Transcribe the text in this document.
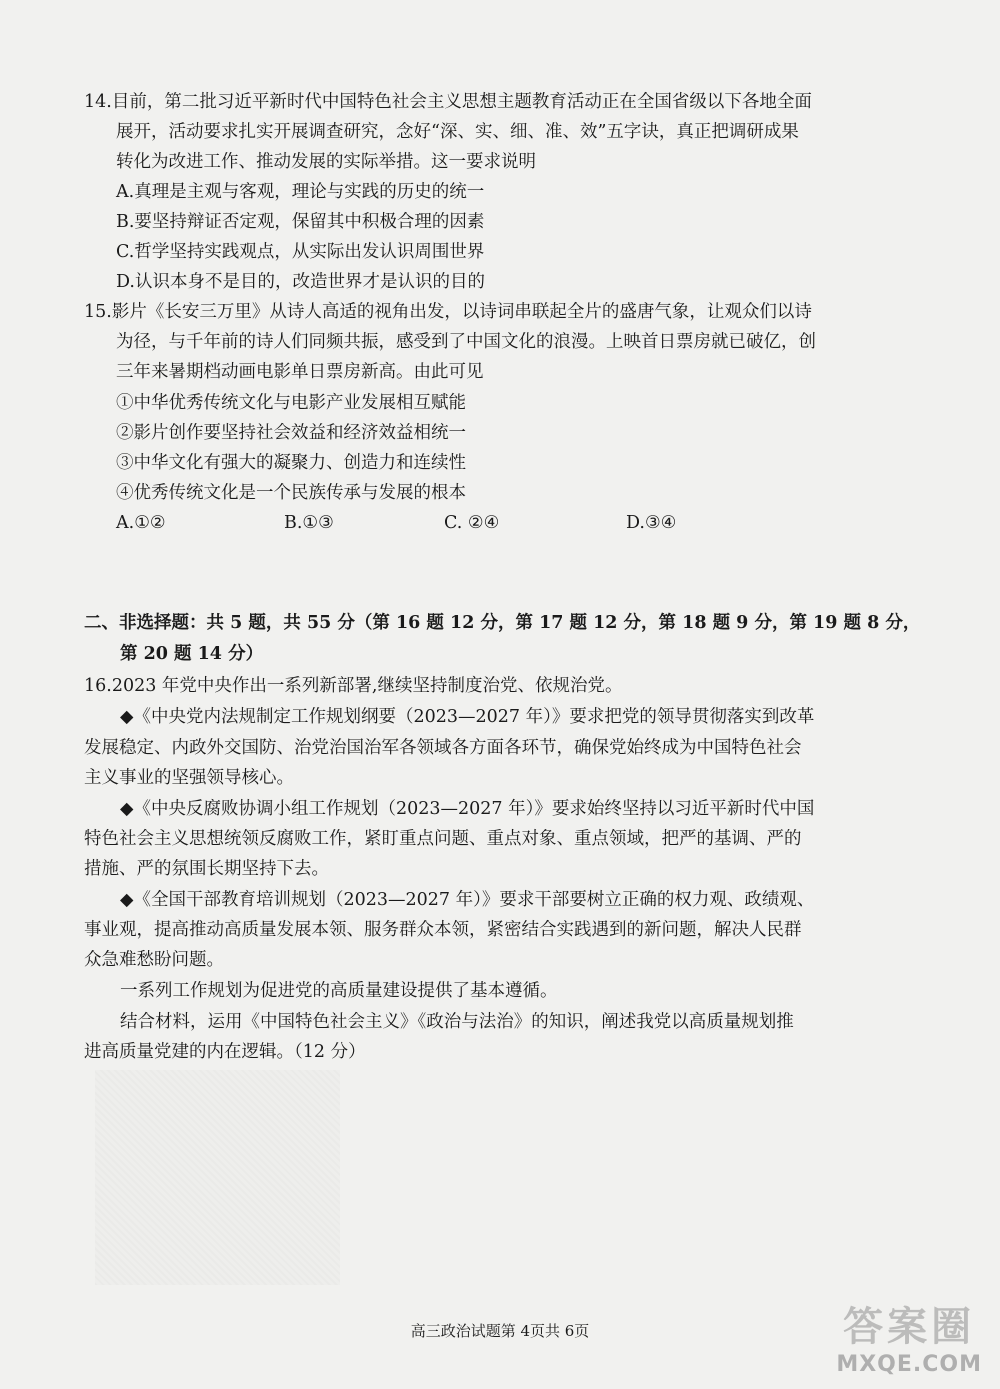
14.目前，第二批习近平新时代中国特色社会主义思想主题教育活动正在全国省级以下各地全面
展开，活动要求扎实开展调查研究，念好“深、实、细、准、效”五字诀，真正把调研成果
转化为改进工作、推动发展的实际举措。这一要求说明
A.真理是主观与客观，理论与实践的历史的统一
B.要坚持辩证否定观，保留其中积极合理的因素
C.哲学坚持实践观点，从实际出发认识周围世界
D.认识本身不是目的，改造世界才是认识的目的
15.影片《长安三万里》从诗人高适的视角出发，以诗词串联起全片的盛唐气象，让观众们以诗
为径，与千年前的诗人们同频共振，感受到了中国文化的浪漫。上映首日票房就已破亿，创
三年来暑期档动画电影单日票房新高。由此可见
①中华优秀传统文化与电影产业发展相互赋能
②影片创作要坚持社会效益和经济效益相统一
③中华文化有强大的凝聚力、创造力和连续性
④优秀传统文化是一个民族传承与发展的根本
A.①②	B.①③	C. ②④	D.③④
二、非选择题：共 5 题，共 55 分（第 16 题 12 分，第 17 题 12 分，第 18 题 9 分，第 19 题 8 分，
第 20 题 14 分）
16.2023 年党中央作出一系列新部署,继续坚持制度治党、依规治党。
◆《中央党内法规制定工作规划纲要（2023—2027 年）》要求把党的领导贯彻落实到改革
发展稳定、内政外交国防、治党治国治军各领域各方面各环节，确保党始终成为中国特色社会
主义事业的坚强领导核心。
◆《中央反腐败协调小组工作规划（2023—2027 年）》要求始终坚持以习近平新时代中国
特色社会主义思想统领反腐败工作，紧盯重点问题、重点对象、重点领域，把严的基调、严的
措施、严的氛围长期坚持下去。
◆《全国干部教育培训规划（2023—2027 年）》要求干部要树立正确的权力观、政绩观、
事业观，提高推动高质量发展本领、服务群众本领，紧密结合实践遇到的新问题，解决人民群
众急难愁盼问题。
一系列工作规划为促进党的高质量建设提供了基本遵循。
结合材料，运用《中国特色社会主义》《政治与法治》的知识，阐述我党以高质量规划推
进高质量党建的内在逻辑。（12 分）
高三政治试题第 4页共 6页	答案圈
MXQE.COM
